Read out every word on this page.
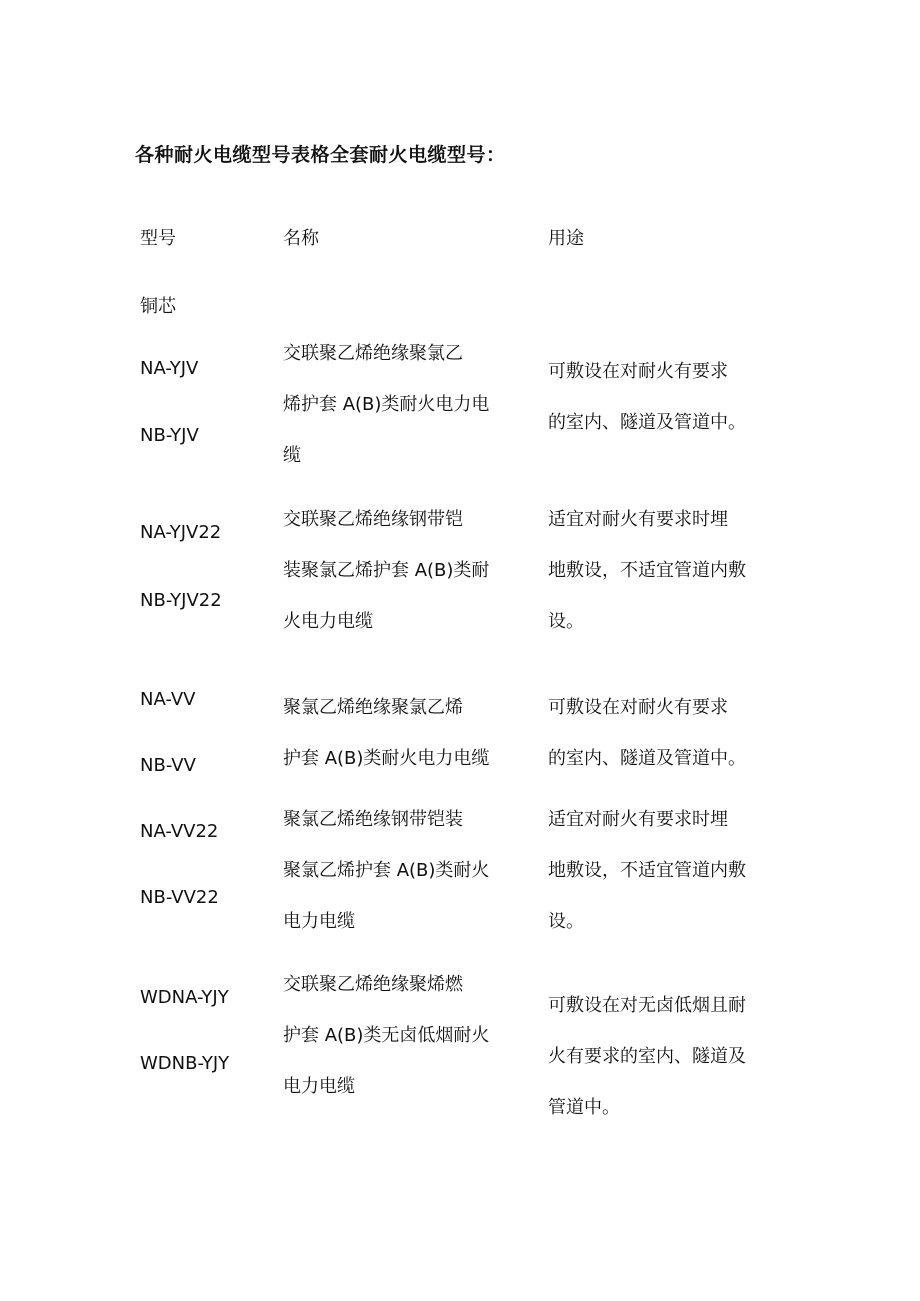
各种耐火电缆型号表格全套耐火电缆型号：
型号	名称	用途
铜芯
NA-YJV
NB-YJV
交联聚乙烯绝缘聚氯乙
烯护套 A(B)类耐火电力电
缆
可敷设在对耐火有要求
的室内、隧道及管道中。
NA-YJV22
NB-YJV22
交联聚乙烯绝缘钢带铠
装聚氯乙烯护套 A(B)类耐
火电力电缆
适宜对耐火有要求时埋
地敷设，不适宜管道内敷
设。
NA-VV
NB-VV
聚氯乙烯绝缘聚氯乙烯
护套 A(B)类耐火电力电缆
可敷设在对耐火有要求
的室内、隧道及管道中。
NA-VV22
NB-VV22
聚氯乙烯绝缘钢带铠装
聚氯乙烯护套 A(B)类耐火
电力电缆
适宜对耐火有要求时埋
地敷设，不适宜管道内敷
设。
WDNA-YJY
WDNB-YJY
交联聚乙烯绝缘聚烯燃
护套 A(B)类无卤低烟耐火
电力电缆
可敷设在对无卤低烟且耐
火有要求的室内、隧道及
管道中。
